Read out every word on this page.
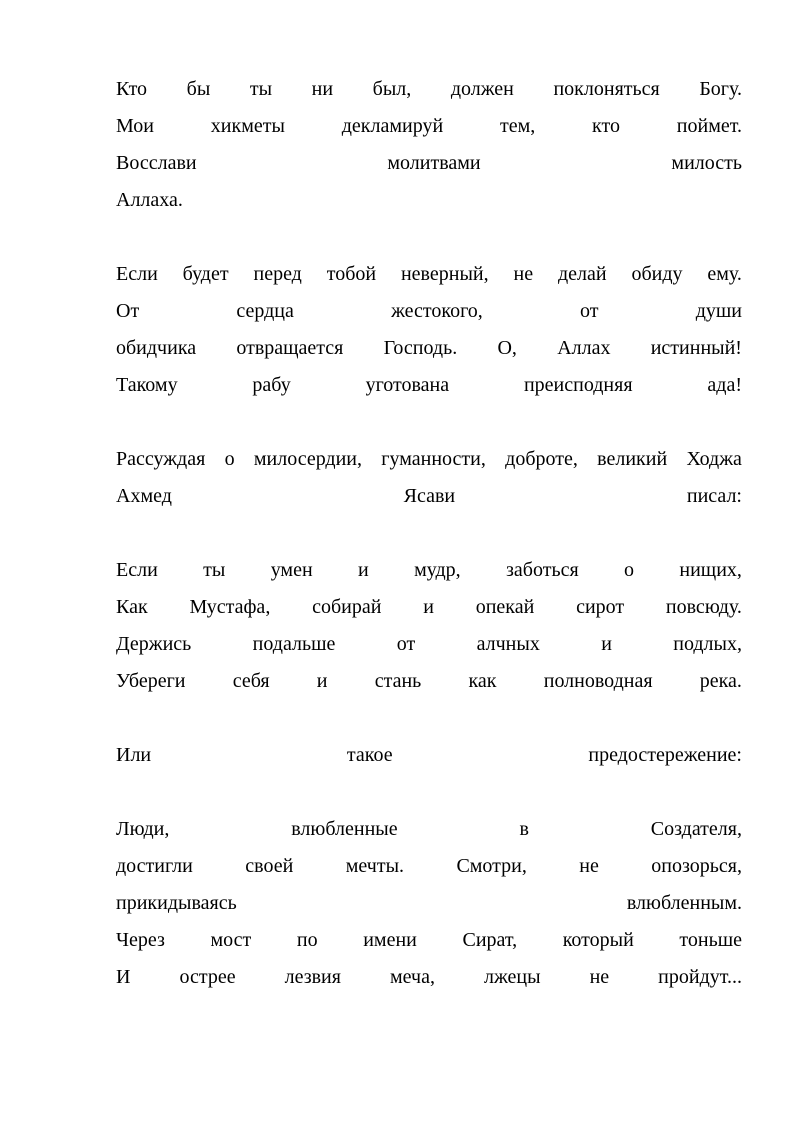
Кто бы ты ни был, должен поклоняться Богу.
Мои	хикметы	декламируй	тем,	кто	поймет.
Восслави	молитвами	милость
Аллаха.
Если будет перед тобой неверный, не делай обиду ему.
От	сердца	жестокого,	от	души
обидчика отвращается Господь. О, Аллах истинный!
Такому	рабу	уготована	преисподняя	ада!
Рассуждая о милосердии, гуманности, доброте, великий Ходжа
Ахмед	Ясави	писал:
Если ты умен и мудр, заботься о нищих,
Как Мустафа, собирай и опекай сирот повсюду.
Держись	подальше	от	алчных	и	подлых,
Убереги себя и стань как полноводная река.
Или	такое	предостережение:
Люди,	влюбленные	в	Создателя,
достигли	своей	мечты.	Смотри,	не	опозорься,
прикидываясь	влюбленным.
Через мост по имени Сират, который тоньше
И острее лезвия меча, лжецы не пройдут...
